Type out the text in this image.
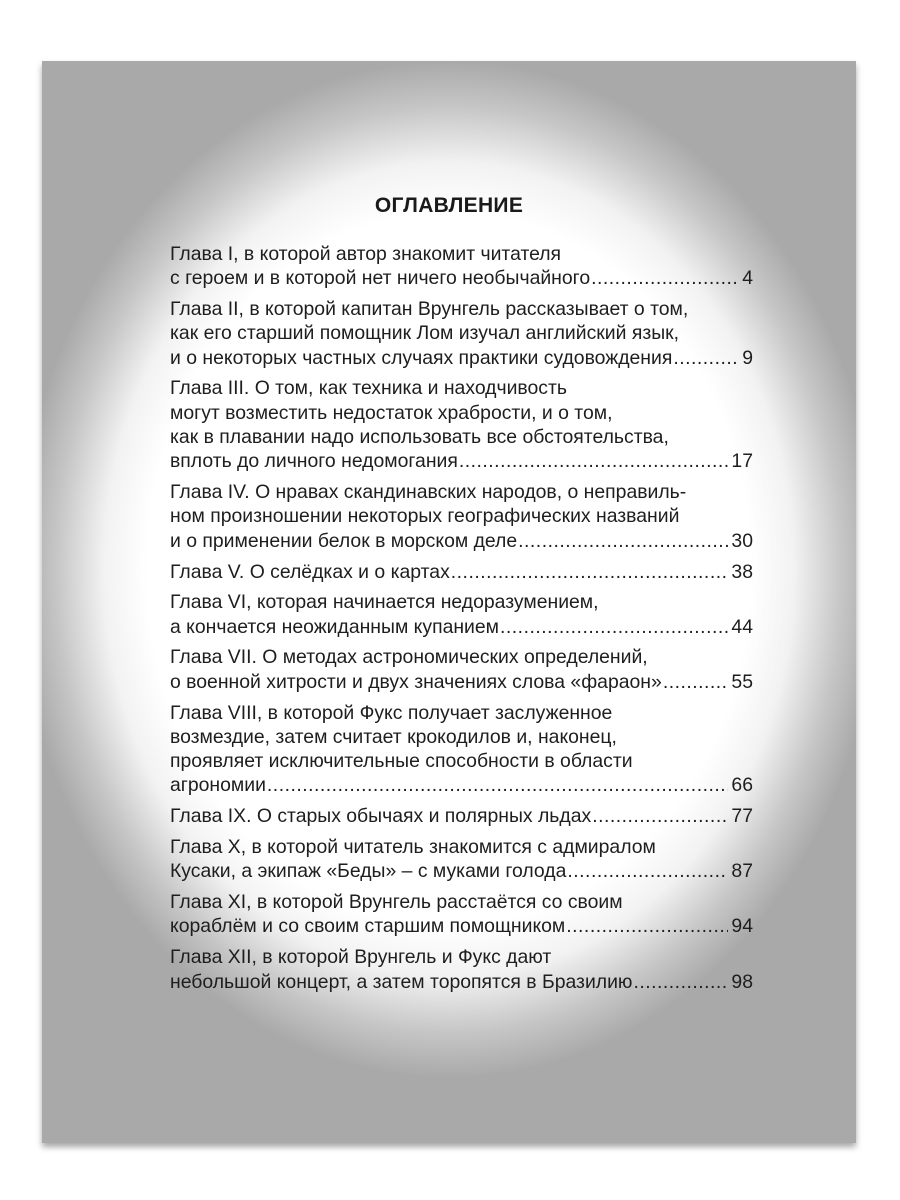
ОГЛАВЛЕНИЕ
Глава I, в которой автор знакомит читателя
с героем и в которой нет ничего необычайного .....	4
Глава II, в которой капитан Врунгель рассказывает о том,
как его старший помощник Лом изучал английский язык,
и о некоторых частных случаях практики судовождения .....	9
Глава III. О том, как техника и находчивость
могут возместить недостаток храбрости, и о том,
как в плавании надо использовать все обстоятельства,
вплоть до личного недомогания .....	17
Глава IV. О нравах скандинавских народов, о неправиль-
ном произношении некоторых географических названий
и о применении белок в морском деле .....	30
Глава V. О селёдках и о картах .....	38
Глава VI, которая начинается недоразумением,
а кончается неожиданным купанием .....	44
Глава VII. О методах астрономических определений,
о военной хитрости и двух значениях слова «фараон» .....	55
Глава VIII, в которой Фукс получает заслуженное
возмездие, затем считает крокодилов и, наконец,
проявляет исключительные способности в области
агрономии .....	66
Глава IX. О старых обычаях и полярных льдах .....	77
Глава X, в которой читатель знакомится с адмиралом
Кусаки, а экипаж «Беды» – с муками голода .....	87
Глава XI, в которой Врунгель расстаётся со своим
кораблём и со своим старшим помощником .....	94
Глава XII, в которой Врунгель и Фукс дают
небольшой концерт, а затем торопятся в Бразилию .....	98
